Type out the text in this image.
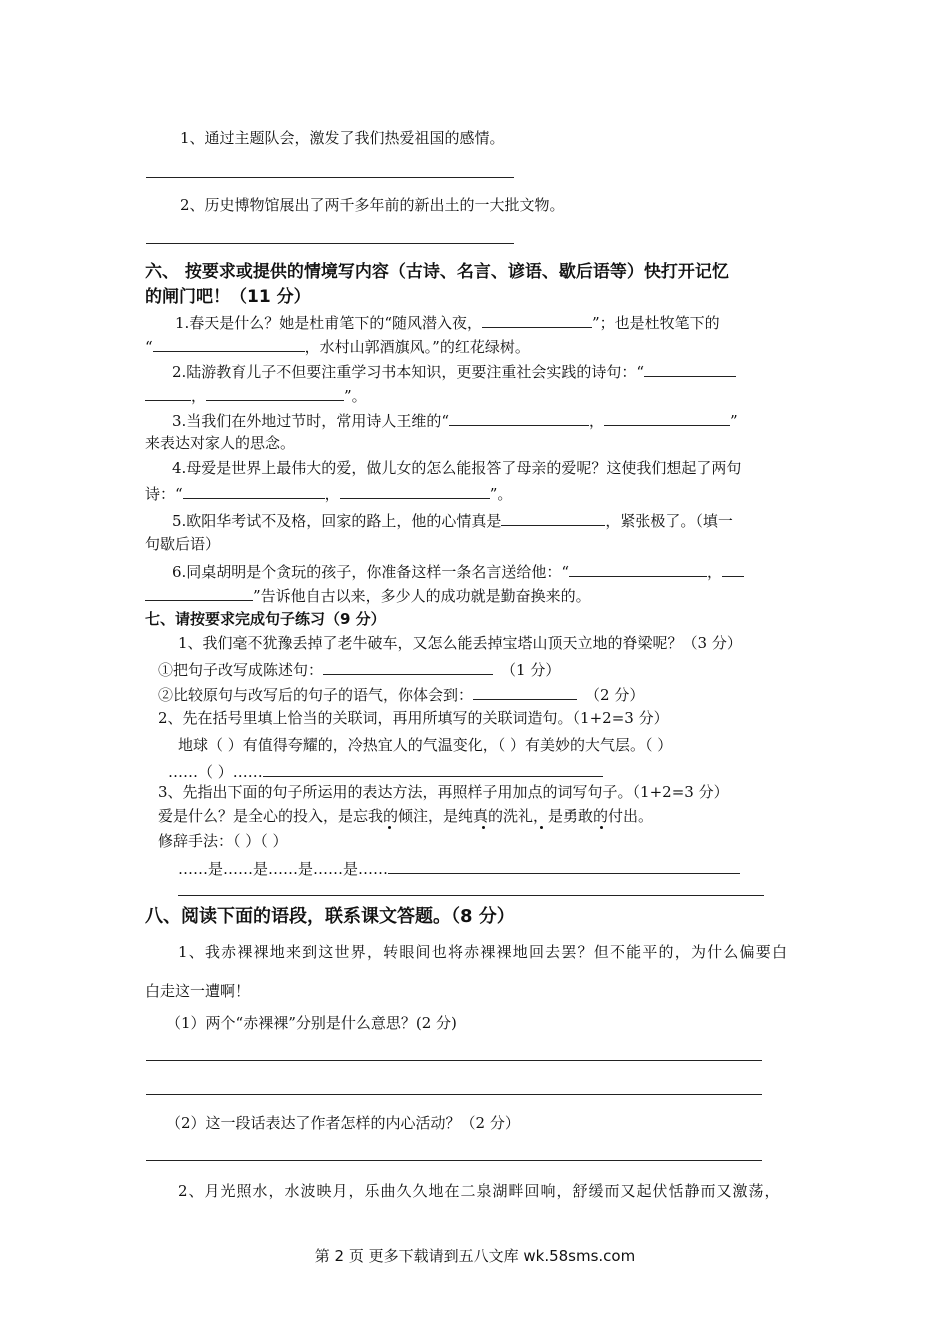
1、通过主题队会，激发了我们热爱祖国的感情。
2、历史博物馆展出了两千多年前的新出土的一大批文物。
六、 按要求或提供的情境写内容（古诗、名言、谚语、歇后语等）快打开记忆
的闸门吧！（11 分）
1.春天是什么？她是杜甫笔下的“随风潜入夜，	”；也是杜牧笔下的
“	，水村山郭酒旗风。”的红花绿树。
2.陆游教育儿子不但要注重学习书本知识，更要注重社会实践的诗句：“
，	”。
3.当我们在外地过节时，常用诗人王维的“	，	”
来表达对家人的思念。
4.母爱是世界上最伟大的爱，做儿女的怎么能报答了母亲的爱呢？这使我们想起了两句
诗：“	，	”。
5.欧阳华考试不及格，回家的路上，他的心情真是	，紧张极了。（填一
句歇后语）
6.同桌胡明是个贪玩的孩子，你准备这样一条名言送给他：“	，
”告诉他自古以来，多少人的成功就是勤奋换来的。
七、请按要求完成句子练习（9 分）
1、我们毫不犹豫丢掉了老牛破车，又怎么能丢掉宝塔山顶天立地的脊梁呢？（3 分）
①把句子改写成陈述句：	（1 分）
②比较原句与改写后的句子的语气，你体会到：	（2 分）
2、先在括号里填上恰当的关联词，再用所填写的关联词造句。（1+2=3 分）
地球（ ）有值得夸耀的，冷热宜人的气温变化，（ ）有美妙的大气层。（ ）
……（ ）……
3、先指出下面的句子所运用的表达方法，再照样子用加点的词写句子。（1+2=3 分）
爱是什么？是全心的投入，是忘我的倾注，是纯真的洗礼，是勇敢的付出。
修辞手法：（ ）（ ）
……是……是……是……是……
八、阅读下面的语段，联系课文答题。（8 分）
1、我赤裸裸地来到这世界，转眼间也将赤裸裸地回去罢？但不能平的，为什么偏要白
白走这一遭啊！
（1）两个“赤裸裸”分别是什么意思？(2 分)
（2）这一段话表达了作者怎样的内心活动？（2 分）
2、月光照水，水波映月，乐曲久久地在二泉湖畔回响，舒缓而又起伏恬静而又激荡，
第 2 页 更多下载请到五八文库 wk.58sms.com
